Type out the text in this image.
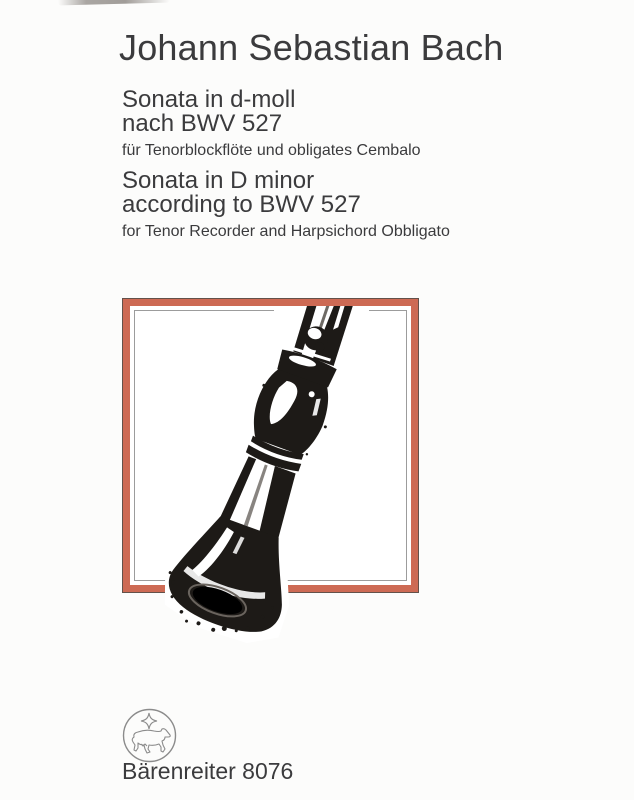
Johann Sebastian Bach
Sonata in d-moll
nach BWV 527
für Tenorblockflöte und obligates Cembalo
Sonata in D minor
according to BWV 527
for Tenor Recorder and Harpsichord Obbligato
Bärenreiter 8076
